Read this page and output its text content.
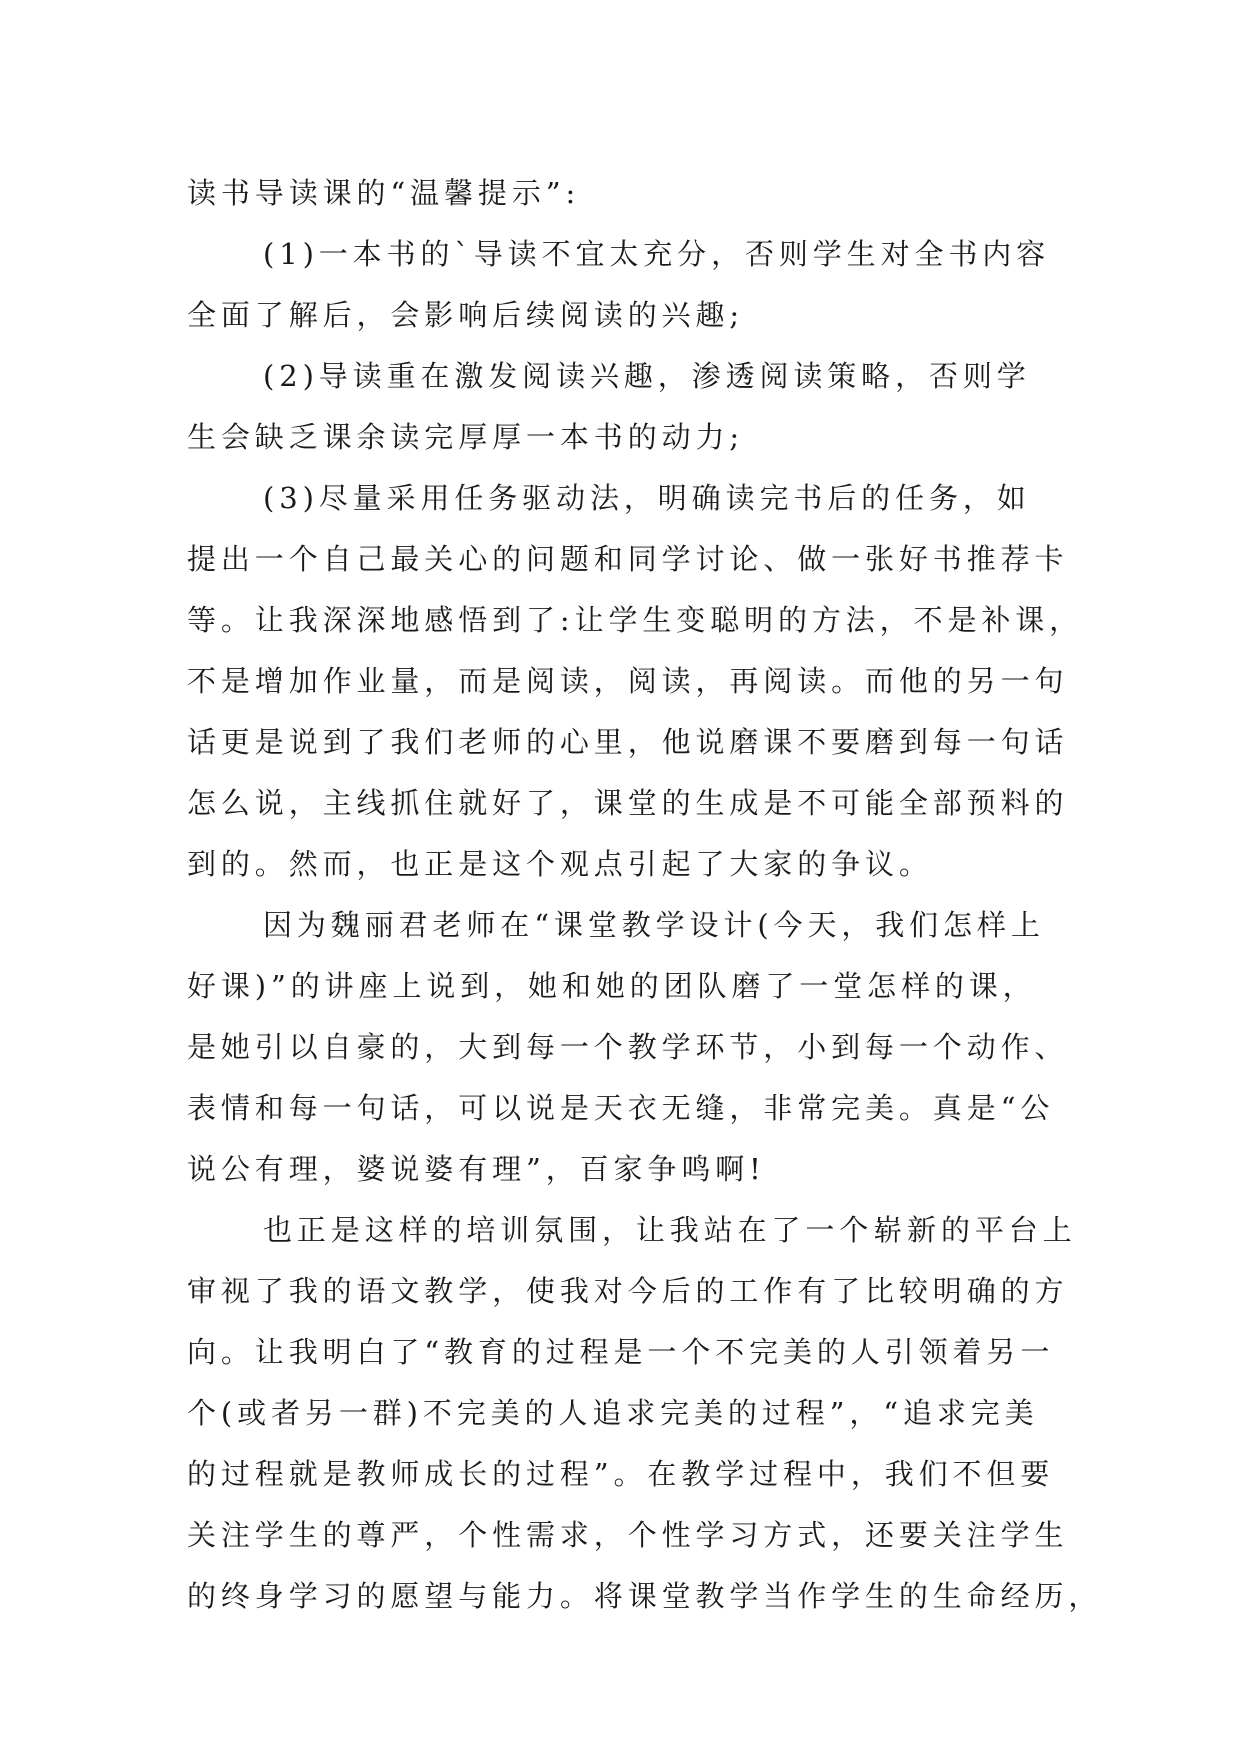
读书导读课的“温馨提示”:
(1)一本书的`导读不宜太充分，否则学生对全书内容
全面了解后，会影响后续阅读的兴趣;
(2)导读重在激发阅读兴趣，渗透阅读策略，否则学
生会缺乏课余读完厚厚一本书的动力;
(3)尽量采用任务驱动法，明确读完书后的任务，如
提出一个自己最关心的问题和同学讨论、做一张好书推荐卡
等。让我深深地感悟到了:让学生变聪明的方法，不是补课，
不是增加作业量，而是阅读，阅读，再阅读。而他的另一句
话更是说到了我们老师的心里，他说磨课不要磨到每一句话
怎么说，主线抓住就好了，课堂的生成是不可能全部预料的
到的。然而，也正是这个观点引起了大家的争议。
因为魏丽君老师在“课堂教学设计(今天，我们怎样上
好课)”的讲座上说到，她和她的团队磨了一堂怎样的课，
是她引以自豪的，大到每一个教学环节，小到每一个动作、
表情和每一句话，可以说是天衣无缝，非常完美。真是“公
说公有理，婆说婆有理”，百家争鸣啊!
也正是这样的培训氛围，让我站在了一个崭新的平台上
审视了我的语文教学，使我对今后的工作有了比较明确的方
向。让我明白了“教育的过程是一个不完美的人引领着另一
个(或者另一群)不完美的人追求完美的过程”，“追求完美
的过程就是教师成长的过程”。在教学过程中，我们不但要
关注学生的尊严，个性需求，个性学习方式，还要关注学生
的终身学习的愿望与能力。将课堂教学当作学生的生命经历，
